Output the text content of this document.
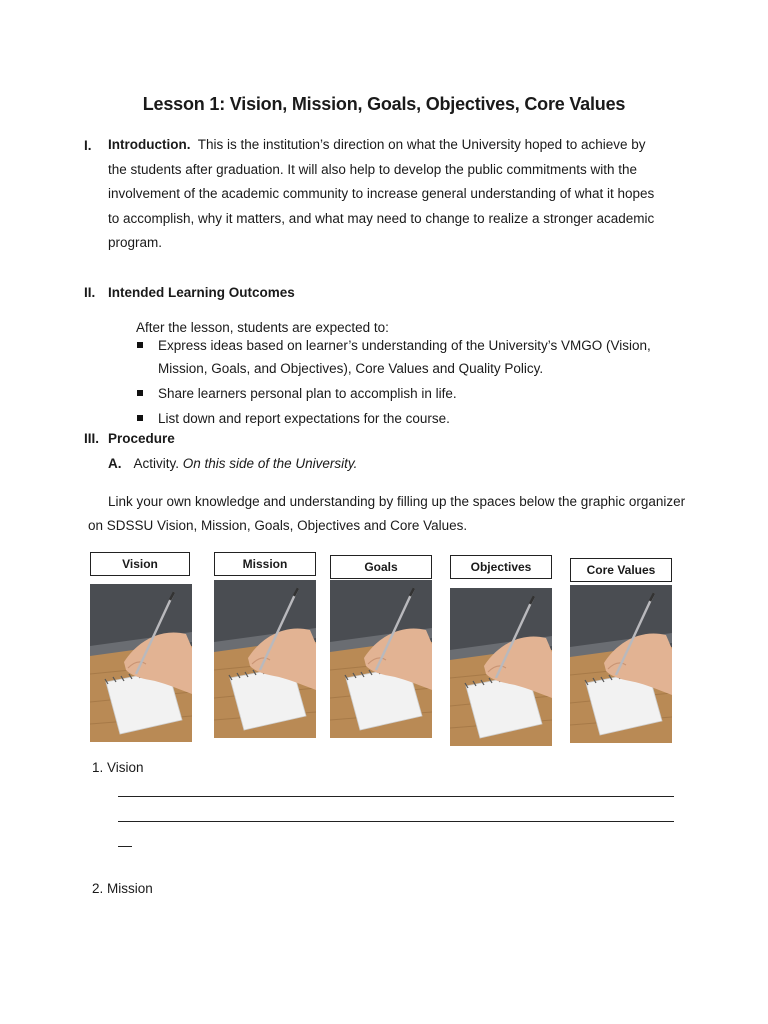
Lesson 1: Vision, Mission, Goals, Objectives, Core Values
I. Introduction. This is the institution’s direction on what the University hoped to achieve by
the students after graduation. It will also help to develop the public commitments with the
involvement of the academic community to increase general understanding of what it hopes
to accomplish, why it matters, and what may need to change to realize a stronger academic
program.
II. Intended Learning Outcomes
After the lesson, students are expected to:
Express ideas based on learner’s understanding of the University’s VMGO (Vision, Mission, Goals, and Objectives), Core Values and Quality Policy.
Share learners personal plan to accomplish in life.
List down and report expectations for the course.
III. Procedure
A. Activity. On this side of the University.
Link your own knowledge and understanding by filling up the spaces below the graphic organizer on SDSSU Vision, Mission, Goals, Objectives and Core Values.
Vision	Mission	Goals	Objectives	Core Values
1. Vision
2. Mission
